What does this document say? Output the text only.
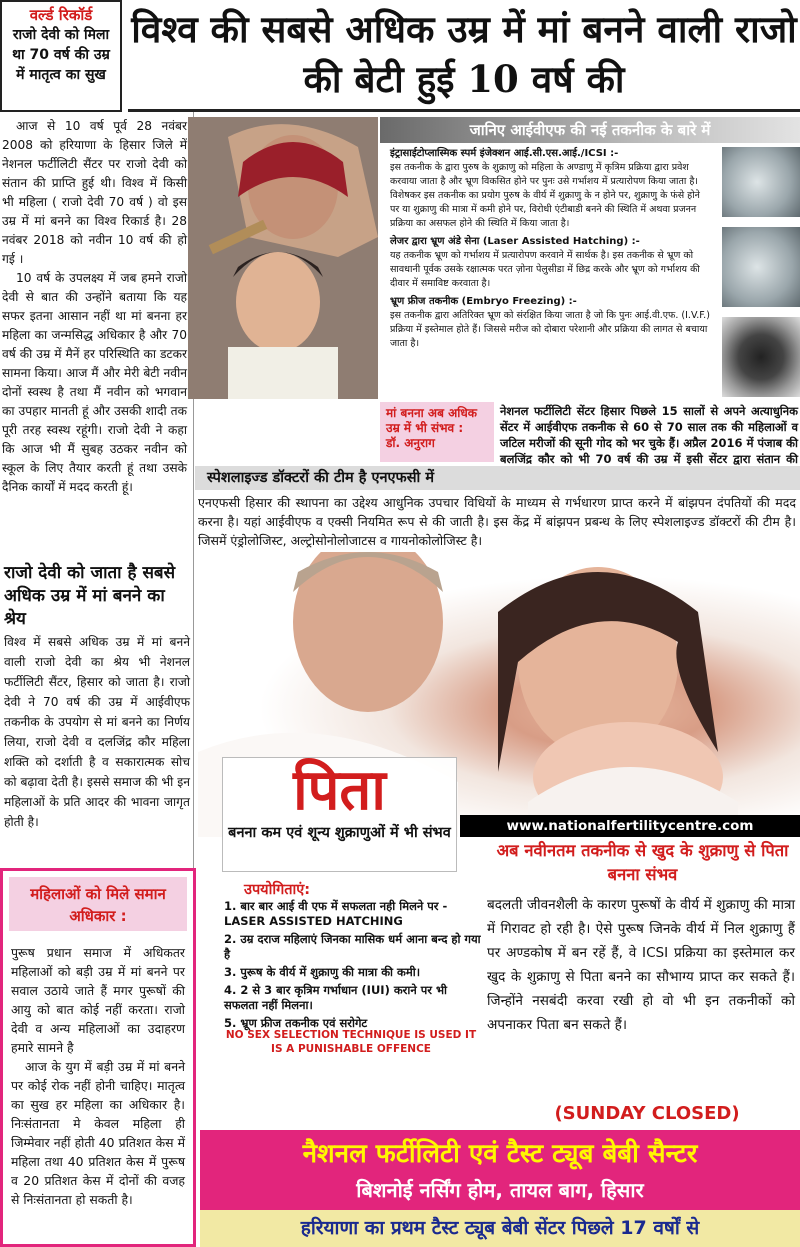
वर्ल्ड रिकॉर्ड
राजो देवी को मिला था 70 वर्ष की उम्र में मातृत्व का सुख
विश्व की सबसे अधिक उम्र में मां बनने वाली राजो की बेटी हुई 10 वर्ष की

आज से 10 वर्ष पूर्व 28 नवंबर 2008 को हरियाणा के हिसार जिले में नेशनल फर्टीलिटी सैंटर पर राजो देवी को संतान की प्राप्ति हुई थी। विश्व में किसी भी महिला ( राजो देवी 70 वर्ष ) वो इस उम्र में मां बनने का विश्व रिकार्ड है। 28 नवंबर 2018 को नवीन 10 वर्ष की हो गई ।

10 वर्ष के उपलक्ष्य में जब हमने राजो देवी से बात की उन्होंने बताया कि यह सफर इतना आसान नहीं था मां बनना हर महिला का जन्मसिद्ध अधिकार है और 70 वर्ष की उम्र में मैनें हर परिस्थिति का डटकर सामना किया। आज मैं और मेरी बेटी नवीन दोनों स्वस्थ है तथा मैं नवीन को भगवान का उपहार मानती हूं और उसकी शादी तक पूरी तरह स्वस्थ रहूंगी। राजो देवी ने कहा कि आज भी मैं सुबह उठकर नवीन को स्कूल के लिए तैयार करती हूं तथा उसके दैनिक कार्यों में मदद करती हूं।

राजो देवी को जाता है सबसे अधिक उम्र में मां बनने का श्रेय
विश्व में सबसे अधिक उम्र में मां बनने वाली राजो देवी का श्रेय भी नेशनल फर्टीलिटी सैंटर, हिसार को जाता है। राजो देवी ने 70 वर्ष की उम्र में आईवीएफ तकनीक के उपयोग से मां बनने का निर्णय लिया, राजो देवी व दलजिंद्र कौर महिला शक्ति को दर्शाती है व सकारात्मक सोच को बढ़ावा देती है। इससे समाज की भी इन महिलाओं के प्रति आदर की भावना जागृत होती है।
महिलाओं को मिले समान अधिकार :

पुरूष प्रधान समाज में अधिकतर महिलाओं को बड़ी उम्र में मां बनने पर सवाल उठाये जाते हैं मगर पुरूषों की आयु को बात कोई नहीं करता। राजो देवी व अन्य महिलाओं का उदाहरण हमारे सामने है

आज के युग में बड़ी उम्र में मां बनने पर कोई रोक नहीं होनी चाहिए। मातृत्व का सुख हर महिला का अधिकार है। निःसंतानता मे केवल महिला ही जिम्मेवार नहीं होती 40 प्रतिशत केस में महिला तथा 40 प्रतिशत केस में पुरूष व 20 प्रतिशत केस में दोनों की वजह से निःसंतानता हो सकती है।

जानिए आईवीएफ की नई तकनीक के बारे में
इंट्रासाईटोप्लास्मिक स्पर्म इंजेक्शन आई.सी.एस.आई./ICSI :-
इस तकनीक के द्वारा पुरुष के शुक्राणु को महिला के अण्डाणु में कृत्रिम प्रक्रिया द्वारा प्रवेश करवाया जाता है और भ्रूण विकसित होने पर पुनः उसे गर्भाशय में प्रत्यारोपण किया जाता है। विशेषकर इस तकनीक का प्रयोग पुरुष के वीर्य में शुक्राणु के न होने पर, शुक्राणु के फंसे होने पर या शुक्राणु की मात्रा में कमी होने पर, विरोधी एंटीबाडी बनने की स्थिति में अथवा प्रजनन प्रक्रिया का असफल होने की स्थिति में किया जाता है।
लेजर द्वारा भ्रूण अंडे सेना (Laser Assisted Hatching) :-
यह तकनीक भ्रूण को गर्भाशय में प्रत्यारोपण करवाने में सार्थक है। इस तकनीक से भ्रूण को सावधानी पूर्वक उसके रक्षात्मक परत ज़ोना पेलुसीडा में छिद्र करके और भ्रूण को गर्भाशय की दीवार में समाविष्ट करवाता है।
भ्रूण फ्रीज तकनीक (Embryo Freezing) :-
इस तकनीक द्वारा अतिरिक्त भ्रूण को संरक्षित किया जाता है जो कि पुनः आई.वी.एफ. (I.V.F.) प्रक्रिया में इस्तेमाल होते हैं। जिससे मरीज को दोबारा परेशानी और प्रक्रिया की लागत से बचाया जाता है।
मां बनना अब अधिक उम्र में भी संभव :
डॉ. अनुराग
नेशनल फर्टीलिटी सेंटर हिसार पिछले 15 सालों से अपने अत्याधुनिक सेंटर में आईवीएफ तकनीक से 60 से 70 साल तक की महिलाओं व जटिल मरीजों की सूनी गोद को भर चुके हैं। अप्रैल 2016 में पंजाब की बलजिंद्र कौर को भी 70 वर्ष की उम्र में इसी सेंटर द्वारा संतान की
स्पेशलाइज्ड डॉक्टरों की टीम है एनएफसी में
एनएफसी हिसार की स्थापना का उद्देश्य आधुनिक उपचार विधियों के माध्यम से गर्भधारण प्राप्त करने में बांझपन दंपतियों की मदद करना है। यहां आईवीएफ व एक्सी नियमित रूप से की जाती है। इस केंद्र में बांझपन प्रबन्ध के लिए स्पेशलाइज्ड डॉक्टरों की टीम है। जिसमें एंड्रोलोजिस्ट, अल्ट्रोसोनोलोजाटस व गायनोकोलोजिस्ट है।
www.nationalfertilitycentre.com
पिता
बनना कम एवं शून्य शुक्राणुओं में भी संभव
उपयोगिताएं:
1. बार बार आई वी एफ में सफलता नही मिलने पर - LASER ASSISTED HATCHING
2. उम्र दराज महिलाएं जिनका मासिक धर्म आना बन्द हो गया है
3. पुरूष के वीर्य में शुक्राणु की मात्रा की कमी।
4. 2 से 3 बार कृत्रिम गर्भाधान (IUI) कराने पर भी सफलता नहीं मिलना।
5. भ्रूण फ्रीज तकनीक एवं सरोगेट
NO SEX SELECTION TECHNIQUE IS USED IT IS A PUNISHABLE OFFENCE
अब नवीनतम तकनीक से खुद के शुक्राणु से पिता बनना संभव
बदलती जीवनशैली के कारण पुरूषों के वीर्य में शुक्राणु की मात्रा में गिरावट हो रही है। ऐसे पुरूष जिनके वीर्य में निल शुक्राणु हैं पर अण्डकोष में बन रहें हैं, वे ICSI प्रक्रिया का इस्तेमाल कर खुद के शुक्राणु से पिता बनने का सौभाग्य प्राप्त कर सकते हैं। जिन्होंने नसबंदी करवा रखी हो वो भी इन तकनीकों को अपनाकर पिता बन सकते हैं।
(SUNDAY CLOSED)
नैशनल फर्टीलिटी एवं टैस्ट ट्यूब बेबी सैन्टर
बिशनोई नर्सिंग होम, तायल बाग, हिसार
हरियाणा का प्रथम टैस्ट ट्यूब बेबी सेंटर पिछले 17 वर्षों से
